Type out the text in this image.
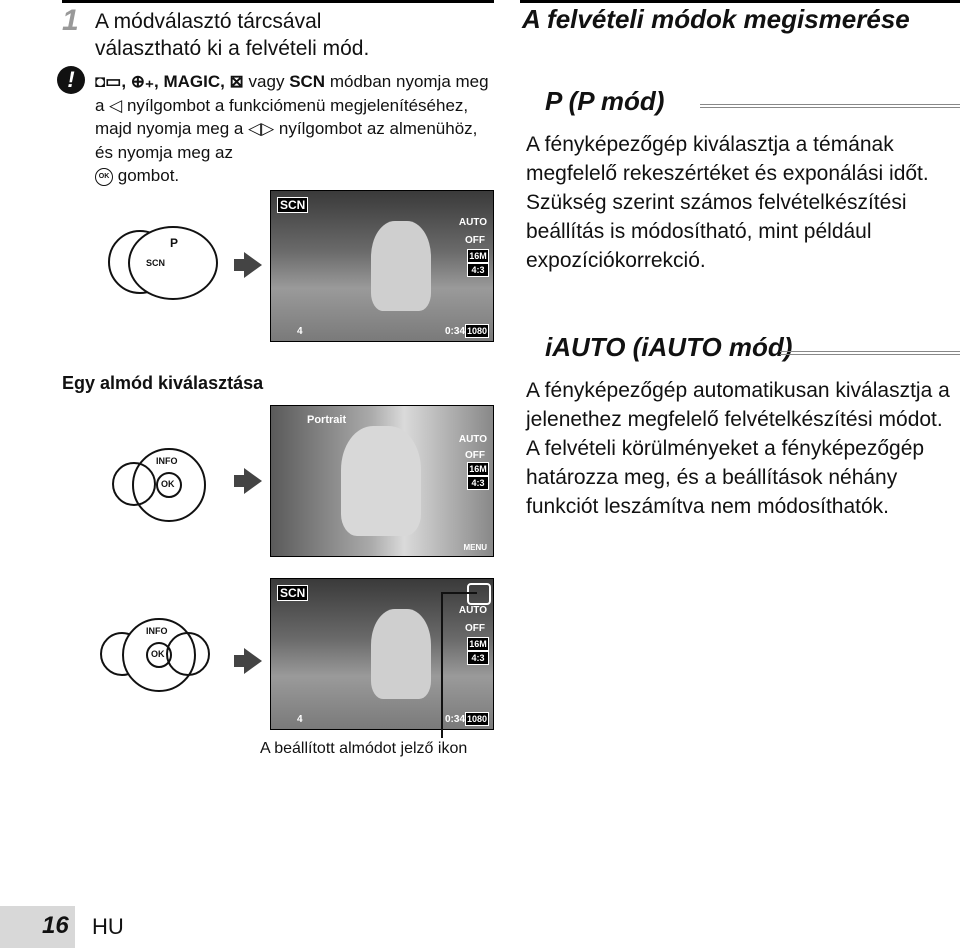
1 A módválasztó tárcsával választható ki a felvételi mód.
!	◘▭, ⊕₊, MAGIC, ⊠ vagy SCN módban nyomja meg a ◁ nyílgombot a funkciómenü megjelenítéséhez, majd nyomja meg a ◁▷ nyílgombot az almenühöz, és nyomja meg az
OK gombot.
SCN
P
SCN
AUTO
OFF
16M
4:3
4	0:34 1080
Egy almód kiválasztása
INFO
OK
Portrait
AUTO
OFF
16M
4:3
MENU
INFO
OK
SCN
AUTO
OFF
16M
4:3
4	0:34 1080
A beállított almódot jelző ikon
A felvételi módok megismerése
P (P mód)
A fényképezőgép kiválasztja a témának megfelelő rekeszértéket és exponálási időt. Szükség szerint számos felvételkészítési beállítás is módosítható, mint például expozíciókorrekció.
iAUTO (iAUTO mód)
A fényképezőgép automatikusan kiválasztja a jelenethez megfelelő felvételkészítési módot. A felvételi körülményeket a fényképezőgép határozza meg, és a beállítások néhány funkciót leszámítva nem módosíthatók.
16 HU
